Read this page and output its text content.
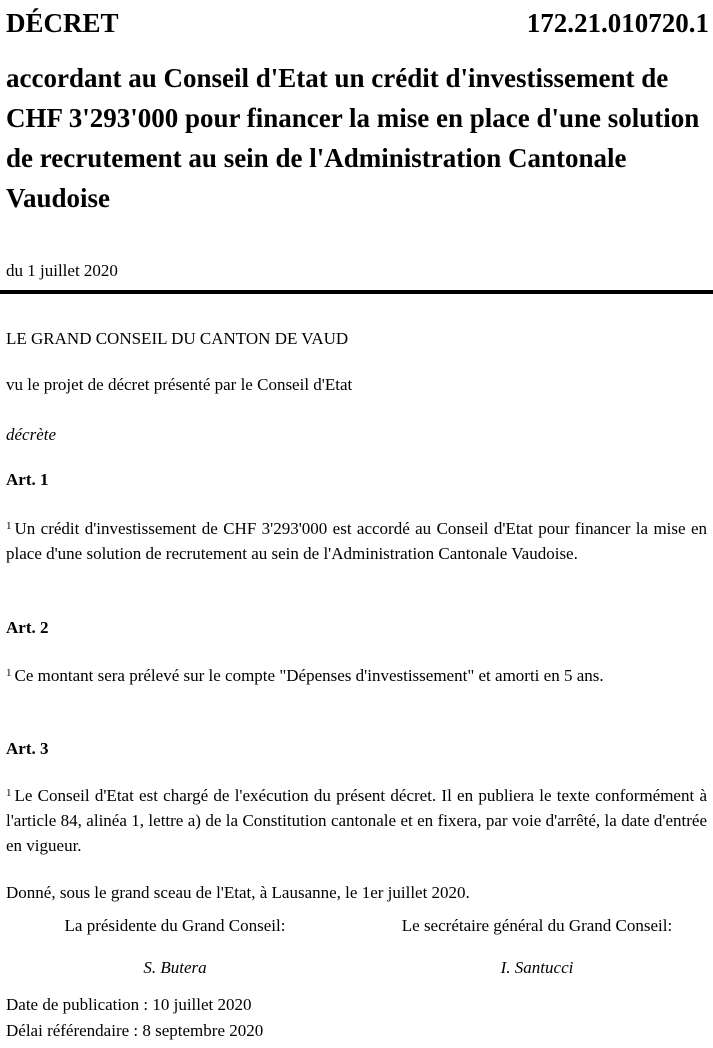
DÉCRET	172.21.010720.1
accordant au Conseil d'Etat un crédit d'investissement de CHF 3'293'000 pour financer la mise en place d'une solution de recrutement au sein de l'Administration Cantonale Vaudoise
du 1 juillet 2020
LE GRAND CONSEIL DU CANTON DE VAUD
vu le projet de décret présenté par le Conseil d'Etat
décrète
Art. 1
$^1$ Un crédit d'investissement de CHF 3'293'000 est accordé au Conseil d'Etat pour financer la mise en place d'une solution de recrutement au sein de l'Administration Cantonale Vaudoise.
Art. 2
$^1$ Ce montant sera prélevé sur le compte "Dépenses d'investissement" et amorti en 5 ans.
Art. 3
$^1$ Le Conseil d'Etat est chargé de l'exécution du présent décret. Il en publiera le texte conformément à l'article 84, alinéa 1, lettre a) de la Constitution cantonale et en fixera, par voie d'arrêté, la date d'entrée en vigueur.
Donné, sous le grand sceau de l'Etat, à Lausanne, le 1er juillet 2020.
La présidente du Grand Conseil:
S. Butera
Le secrétaire général du Grand Conseil:
I. Santucci
Date de publication : 10 juillet 2020
Délai référendaire : 8 septembre 2020
